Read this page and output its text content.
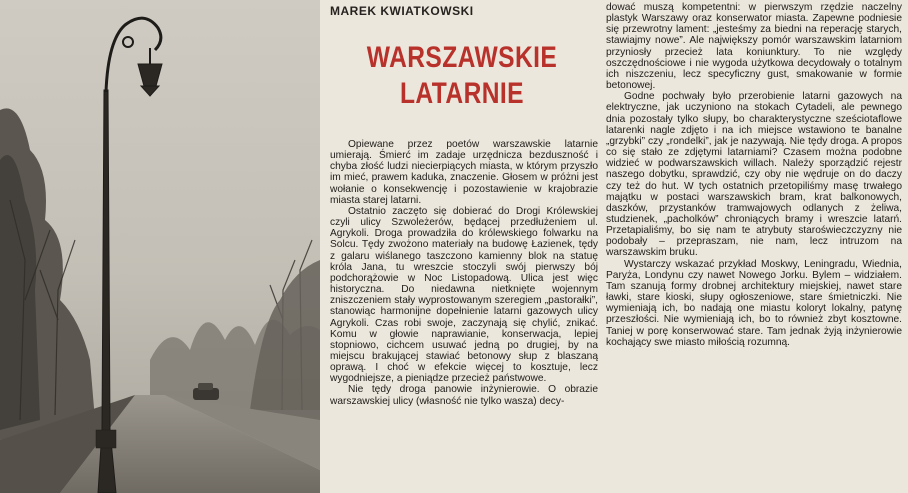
MAREK KWIATKOWSKI
WARSZAWSKIE
LATARNIE

Opiewane przez poetów warszawskie latarnie umierają. Śmierć im zadaje urzędnicza bezduszność i chyba złość ludzi niecierpiących miasta, w którym przyszło im mieć, prawem kaduka, znaczenie. Głosem w próżni jest wołanie o konsekwencję i pozostawienie w krajobrazie miasta starej latarni.

Ostatnio zaczęto się dobierać do Drogi Królewskiej czyli ulicy Szwoleżerów, będącej przedłużeniem ul. Agrykoli. Droga prowadziła do królewskiego folwarku na Solcu. Tędy zwożono materiały na budowę Łazienek, tędy z galaru wiślanego taszczono kamienny blok na statuę króla Jana, tu wreszcie stoczyli swój pierwszy bój podchorążowie w Noc Listopadową. Ulica jest więc historyczna. Do niedawna nietknięte wojennym zniszczeniem stały wyprostowanym szeregiem „pastorałki”, stanowiąc harmonijne dopełnienie latarni gazowych ulicy Agrykoli. Czas robi swoje, zaczynają się chylić, znikać. Komu w głowie naprawianie, konserwacja, lepiej stopniowo, cichcem usuwać jedną po drugiej, by na miejscu brakującej stawiać betonowy słup z blaszaną oprawą. I choć w efekcie więcej to kosztuje, lecz wygodniejsze, a pieniądze przecież państwowe.

Nie tędy droga panowie inżynierowie. O obrazie warszawskiej ulicy (własność nie tylko wasza) decy-

dować muszą kompetentni: w pierwszym rzędzie naczelny plastyk Warszawy oraz konserwator miasta. Zapewne podniesie się przewrotny lament: „jesteśmy za biedni na reperację starych, stawiajmy nowe”. Ale największy pomór warszawskim latarniom przyniosły przecież lata koniunktury. To nie względy oszczędnościowe i nie wygoda użytkowa decydowały o totalnym ich niszczeniu, lecz specyficzny gust, smakowanie w formie betonowej.

Godne pochwały było przerobienie latarni gazowych na elektryczne, jak uczyniono na stokach Cytadeli, ale pewnego dnia pozostały tylko słupy, bo charakterystyczne sześciotaflowe latarenki nagle zdjęto i na ich miejsce wstawiono te banalne „grzybki” czy „rondelki”, jak je nazywają. Nie tędy droga. A propos co się stało ze zdjętymi latarniami? Czasem można podobne widzieć w podwarszawskich willach. Należy sporządzić rejestr naszego dobytku, sprawdzić, czy oby nie wędruje on do daczy czy też do hut. W tych ostatnich przetopiliśmy masę trwałego majątku w postaci warszawskich bram, krat balkonowych, daszków, przystanków tramwajowych odlanych z żeliwa, studzienek, „pacholków” chroniących bramy i wreszcie latarń. Przetapialiśmy, bo się nam te atrybuty staroświeczczyzny nie podobały – przepraszam, nie nam, lecz intruzom na warszawskim bruku.

Wystarczy wskazać przykład Moskwy, Leningradu, Wiednia, Paryża, Londynu czy nawet Nowego Jorku. Bylem – widziałem. Tam szanują formy drobnej architektury miejskiej, nawet stare ławki, stare kioski, słupy ogłoszeniowe, stare śmietniczki. Nie wymieniają ich, bo nadają one miastu koloryt lokalny, patynę przeszłości. Nie wymieniają ich, bo to również zbyt kosztowne. Taniej w porę konserwować stare. Tam jednak żyją inżynierowie kochający swe miasto miłością rozumną.
